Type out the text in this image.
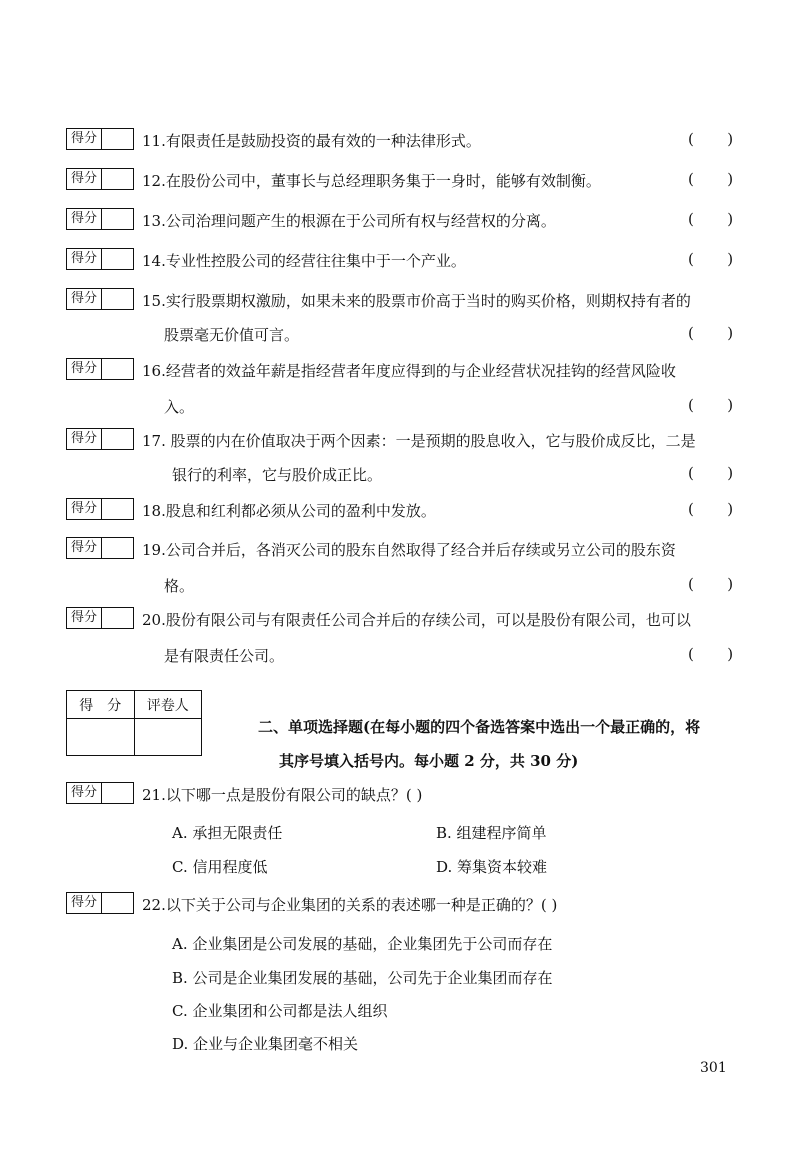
得分	11.有限责任是鼓励投资的最有效的一种法律形式。	(       )
得分	12.在股份公司中，董事长与总经理职务集于一身时，能够有效制衡。	(       )
得分	13.公司治理问题产生的根源在于公司所有权与经营权的分离。	(       )
得分	14.专业性控股公司的经营往往集中于一个产业。	(       )
得分	15.实行股票期权激励，如果未来的股票市价高于当时的购买价格，则期权持有者的
股票毫无价值可言。	(       )
得分	16.经营者的效益年薪是指经营者年度应得到的与企业经营状况挂钩的经营风险收
入。	(       )
得分	17. 股票的内在价值取决于两个因素：一是预期的股息收入，它与股价成反比，二是
银行的利率，它与股价成正比。	(       )
得分	18.股息和红利都必须从公司的盈利中发放。	(       )
得分	19.公司合并后，各消灭公司的股东自然取得了经合并后存续或另立公司的股东资
格。	(       )
得分	20.股份有限公司与有限责任公司合并后的存续公司，可以是股份有限公司，也可以
是有限责任公司。	(       )
得　分	评卷人

二、单项选择题(在每小题的四个备选答案中选出一个最正确的，将
其序号填入括号内。每小题 2 分，共 30 分)
得分	21.以下哪一点是股份有限公司的缺点？( )
A. 承担无限责任	B. 组建程序简单
C. 信用程度低	D. 筹集资本较难
得分	22.以下关于公司与企业集团的关系的表述哪一种是正确的？( )
A. 企业集团是公司发展的基础，企业集团先于公司而存在
B. 公司是企业集团发展的基础，公司先于企业集团而存在
C. 企业集团和公司都是法人组织
D. 企业与企业集团毫不相关
301
